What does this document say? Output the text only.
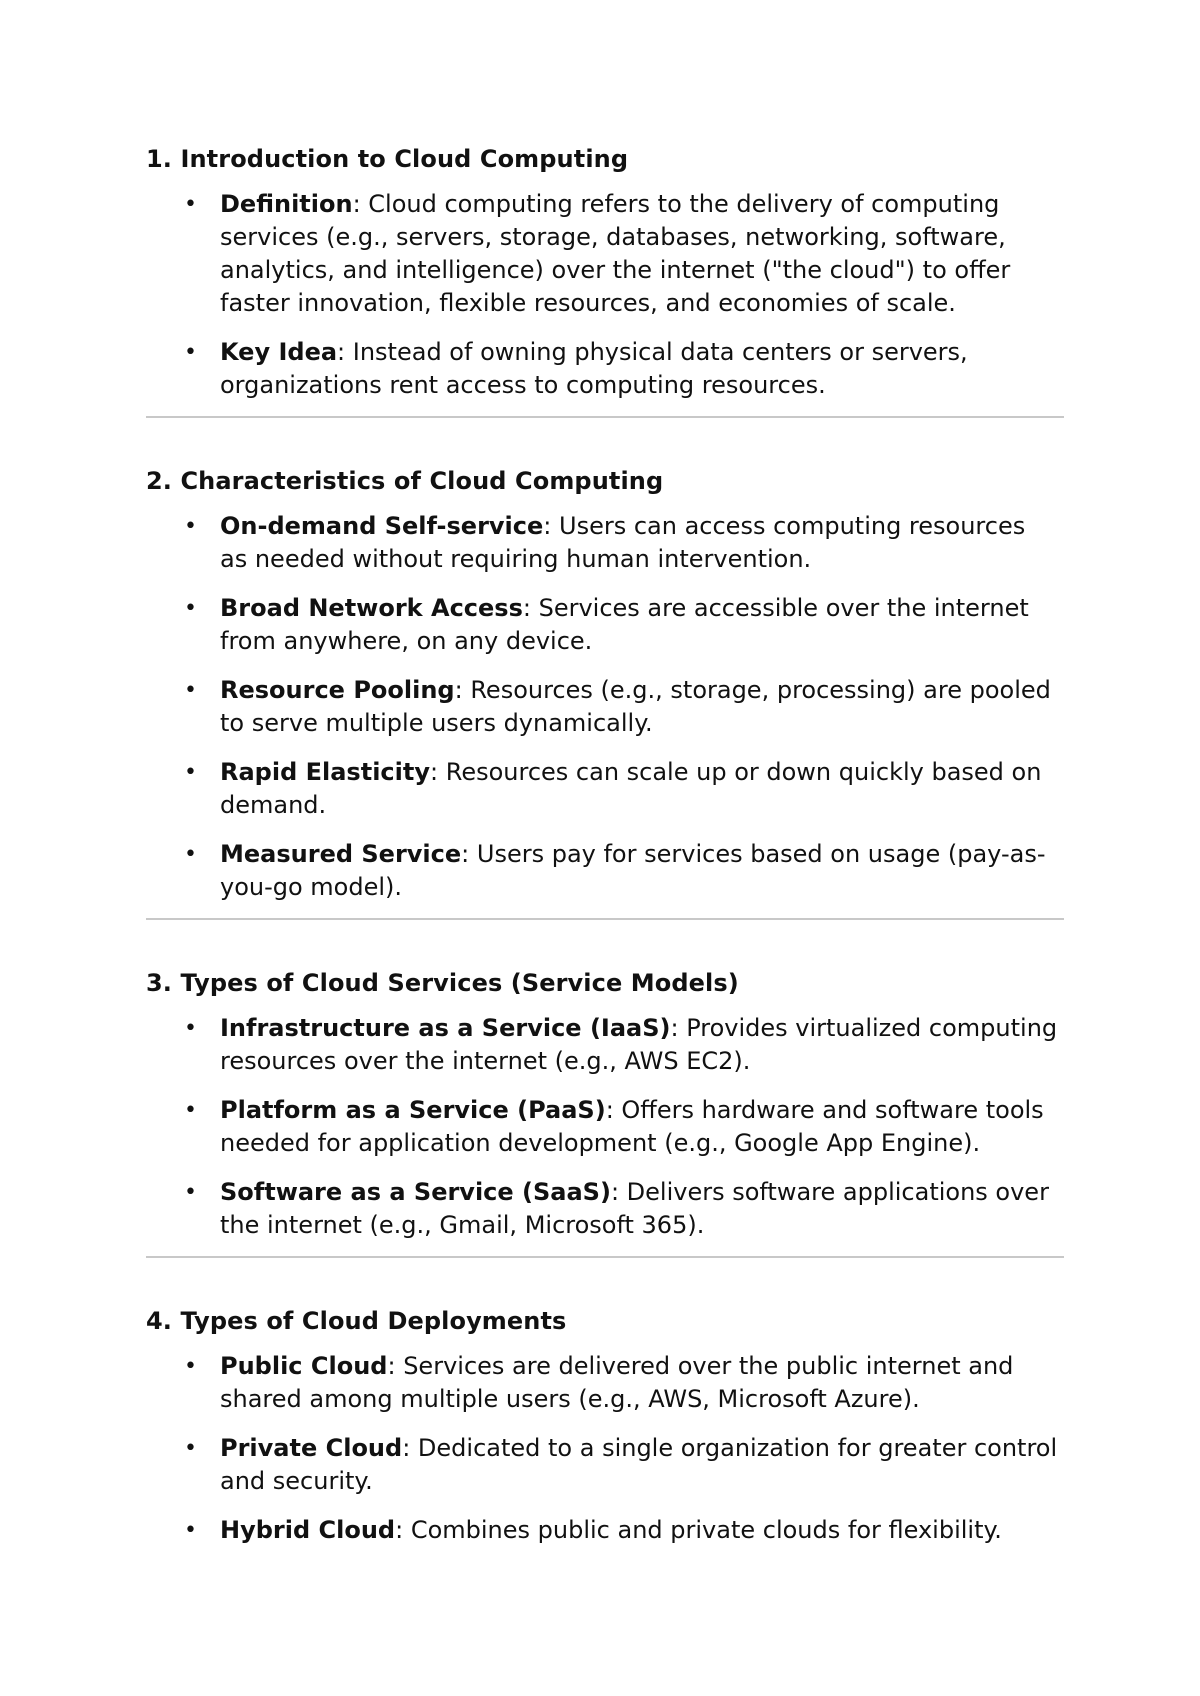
1. Introduction to Cloud Computing
• Definition: Cloud computing refers to the delivery of computing services (e.g., servers, storage, databases, networking, software, analytics, and intelligence) over the internet ("the cloud") to offer faster innovation, flexible resources, and economies of scale.
• Key Idea: Instead of owning physical data centers or servers, organizations rent access to computing resources.
2. Characteristics of Cloud Computing
• On-demand Self-service: Users can access computing resources as needed without requiring human intervention.
• Broad Network Access: Services are accessible over the internet from anywhere, on any device.
• Resource Pooling: Resources (e.g., storage, processing) are pooled to serve multiple users dynamically.
• Rapid Elasticity: Resources can scale up or down quickly based on demand.
• Measured Service: Users pay for services based on usage (pay-as-you-go model).
3. Types of Cloud Services (Service Models)
• Infrastructure as a Service (IaaS): Provides virtualized computing resources over the internet (e.g., AWS EC2).
• Platform as a Service (PaaS): Offers hardware and software tools needed for application development (e.g., Google App Engine).
• Software as a Service (SaaS): Delivers software applications over the internet (e.g., Gmail, Microsoft 365).
4. Types of Cloud Deployments
• Public Cloud: Services are delivered over the public internet and shared among multiple users (e.g., AWS, Microsoft Azure).
• Private Cloud: Dedicated to a single organization for greater control and security.
• Hybrid Cloud: Combines public and private clouds for flexibility.
